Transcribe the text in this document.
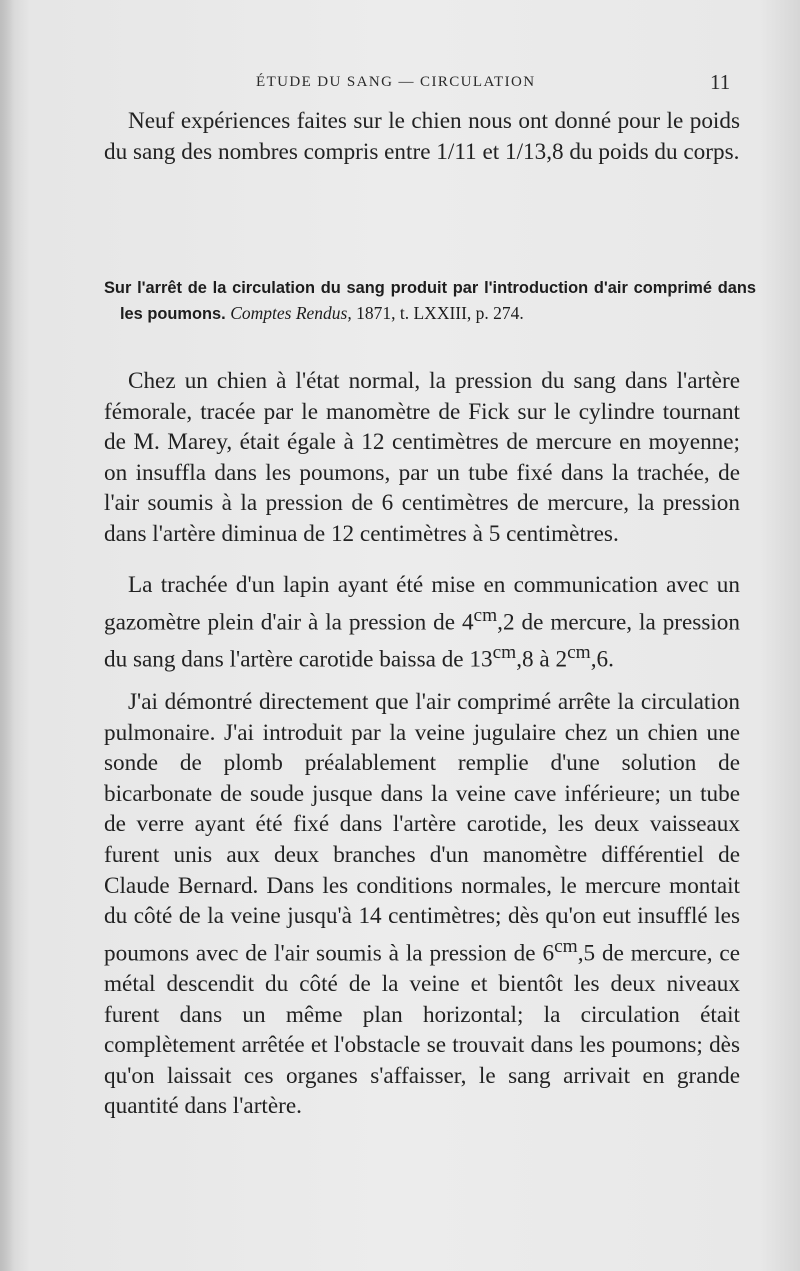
ÉTUDE DU SANG — CIRCULATION	11

Neuf expériences faites sur le chien nous ont donné pour le poids du sang des nombres compris entre 1/11 et 1/13,8 du poids du corps.

Sur l'arrêt de la circulation du sang produit par l'introduction d'air comprimé dans les poumons. Comptes Rendus, 1871, t. LXXIII, p. 274.

Chez un chien à l'état normal, la pression du sang dans l'artère fémorale, tracée par le manomètre de Fick sur le cylindre tournant de M. Marey, était égale à 12 centimètres de mercure en moyenne; on insuffla dans les poumons, par un tube fixé dans la trachée, de l'air soumis à la pression de 6 centimètres de mercure, la pression dans l'artère diminua de 12 centimètres à 5 centimètres.

La trachée d'un lapin ayant été mise en communication avec un gazomètre plein d'air à la pression de $4^{cm},2$ de mercure, la pression du sang dans l'artère carotide baissa de $13^{cm},8$ à $2^{cm},6$.

J'ai démontré directement que l'air comprimé arrête la circulation pulmonaire. J'ai introduit par la veine jugulaire chez un chien une sonde de plomb préalablement remplie d'une solution de bicarbonate de soude jusque dans la veine cave inférieure; un tube de verre ayant été fixé dans l'artère carotide, les deux vaisseaux furent unis aux deux branches d'un manomètre différentiel de Claude Bernard. Dans les conditions normales, le mercure montait du côté de la veine jusqu'à 14 centimètres; dès qu'on eut insufflé les poumons avec de l'air soumis à la pression de $6^{cm},5$ de mercure, ce métal descendit du côté de la veine et bientôt les deux niveaux furent dans un même plan horizontal; la circulation était complètement arrêtée et l'obstacle se trouvait dans les poumons; dès qu'on laissait ces organes s'affaisser, le sang arrivait en grande quantité dans l'artère.
